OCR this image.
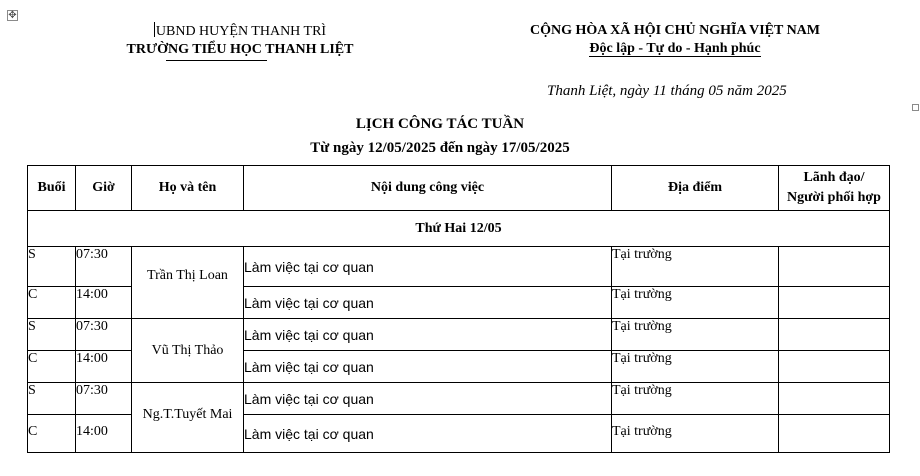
✥
UBND HUYỆN THANH TRÌ
TRƯỜNG TIỂU HỌC THANH LIỆT
CỘNG HÒA XÃ HỘI CHỦ NGHĨA VIỆT NAM
Độc lập - Tự do - Hạnh phúc
Thanh Liệt, ngày 11 tháng 05 năm 2025
LỊCH CÔNG TÁC TUẦN
Từ ngày 12/05/2025 đến ngày 17/05/2025
Buổi	Giờ	Họ và tên	Nội dung công việc	Địa điểm	Lãnh đạo/
Người phối hợp

Thứ Hai 12/05					
S	07:30	Trần Thị Loan	Làm việc tại cơ quan	Tại trường	
C	14:00		Làm việc tại cơ quan	Tại trường	
S	07:30	Vũ Thị Thảo	Làm việc tại cơ quan	Tại trường	
C	14:00		Làm việc tại cơ quan	Tại trường	
S	07:30	Ng.T.Tuyết Mai	Làm việc tại cơ quan	Tại trường	
C	14:00		Làm việc tại cơ quan	Tại trường	
